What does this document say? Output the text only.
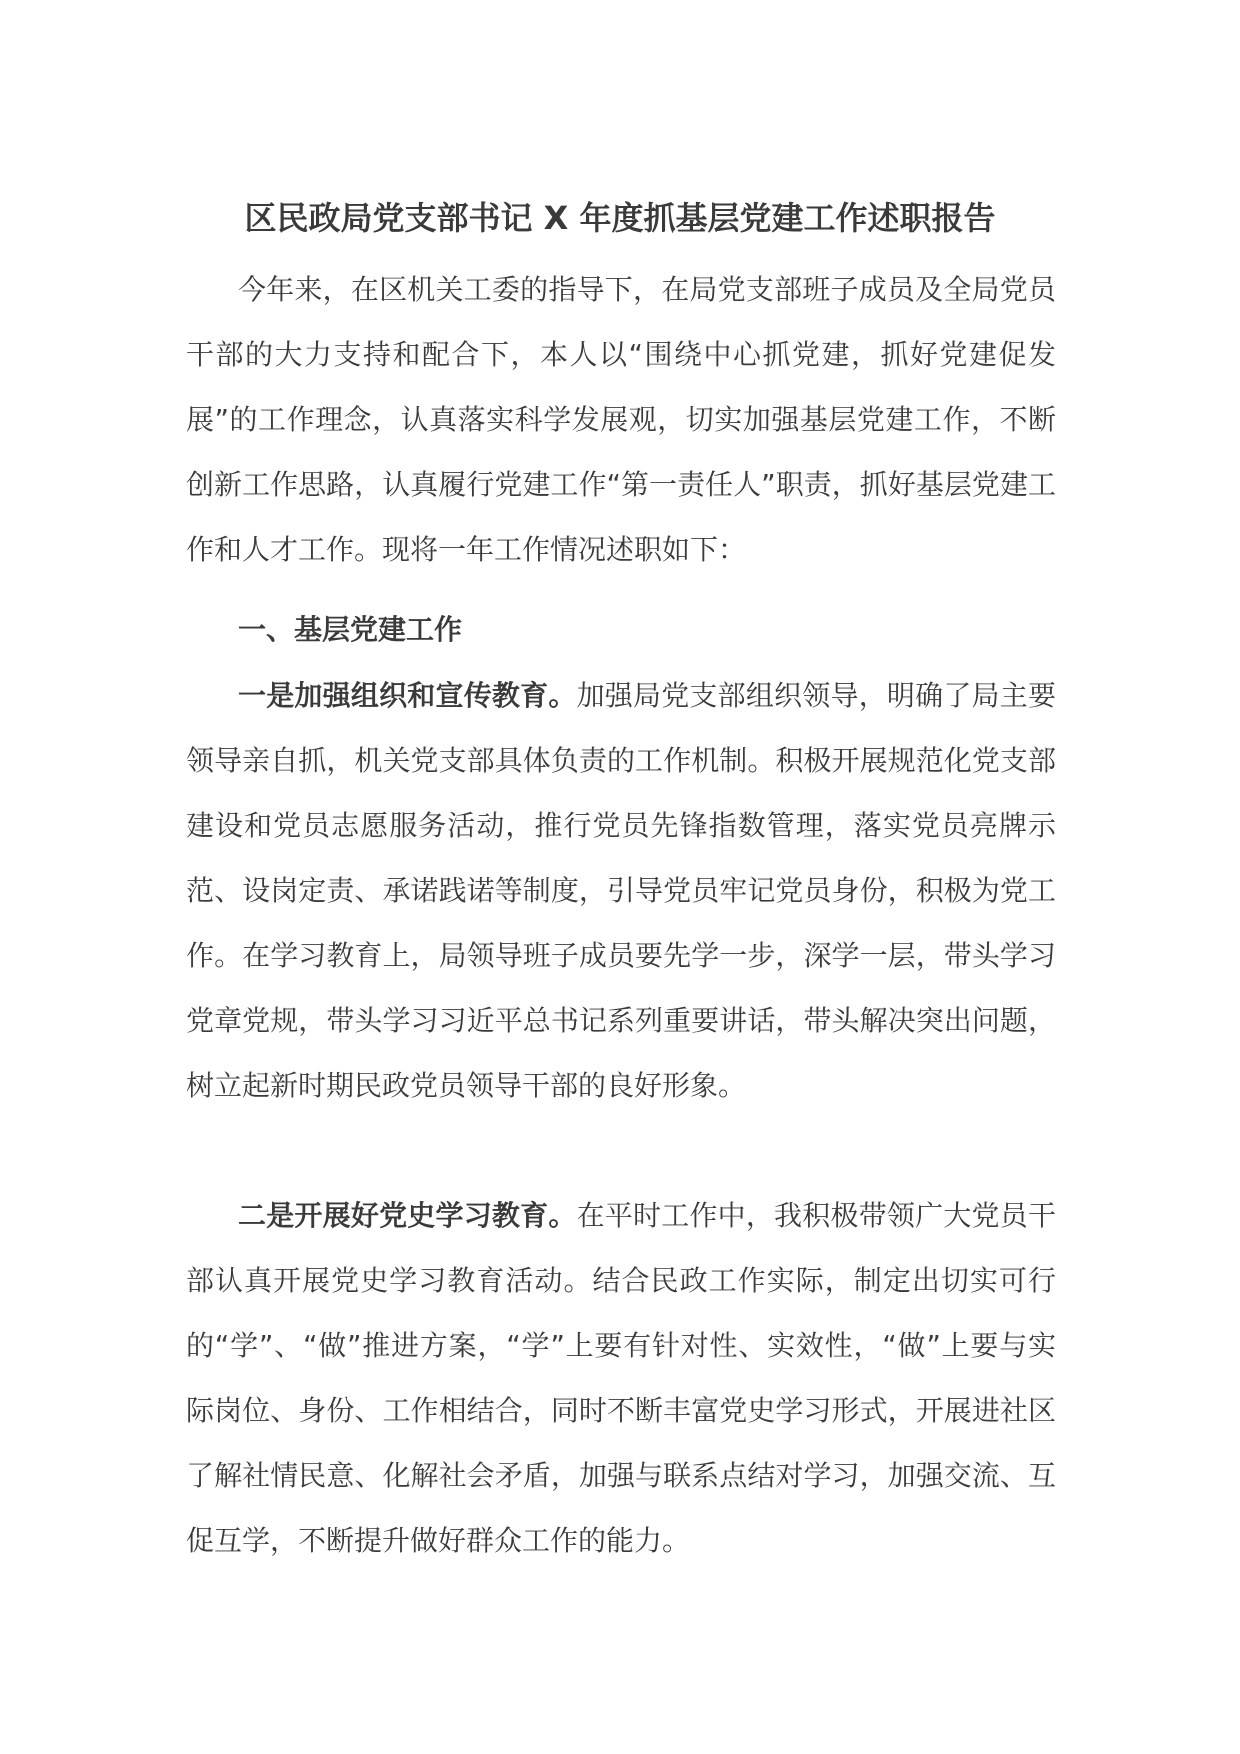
区民政局党支部书记 X 年度抓基层党建工作述职报告
今年来，在区机关工委的指导下，在局党支部班子成员及全局党员干部的大力支持和配合下，本人以“围绕中心抓党建，抓好党建促发展”的工作理念，认真落实科学发展观，切实加强基层党建工作，不断创新工作思路，认真履行党建工作“第一责任人”职责，抓好基层党建工作和人才工作。现将一年工作情况述职如下：
一、基层党建工作
一是加强组织和宣传教育。加强局党支部组织领导，明确了局主要领导亲自抓，机关党支部具体负责的工作机制。积极开展规范化党支部建设和党员志愿服务活动，推行党员先锋指数管理，落实党员亮牌示范、设岗定责、承诺践诺等制度，引导党员牢记党员身份，积极为党工作。在学习教育上，局领导班子成员要先学一步，深学一层，带头学习党章党规，带头学习习近平总书记系列重要讲话，带头解决突出问题，树立起新时期民政党员领导干部的良好形象。
二是开展好党史学习教育。在平时工作中，我积极带领广大党员干部认真开展党史学习教育活动。结合民政工作实际，制定出切实可行的“学”、“做”推进方案，“学”上要有针对性、实效性，“做”上要与实际岗位、身份、工作相结合，同时不断丰富党史学习形式，开展进社区了解社情民意、化解社会矛盾，加强与联系点结对学习，加强交流、互促互学，不断提升做好群众工作的能力。
